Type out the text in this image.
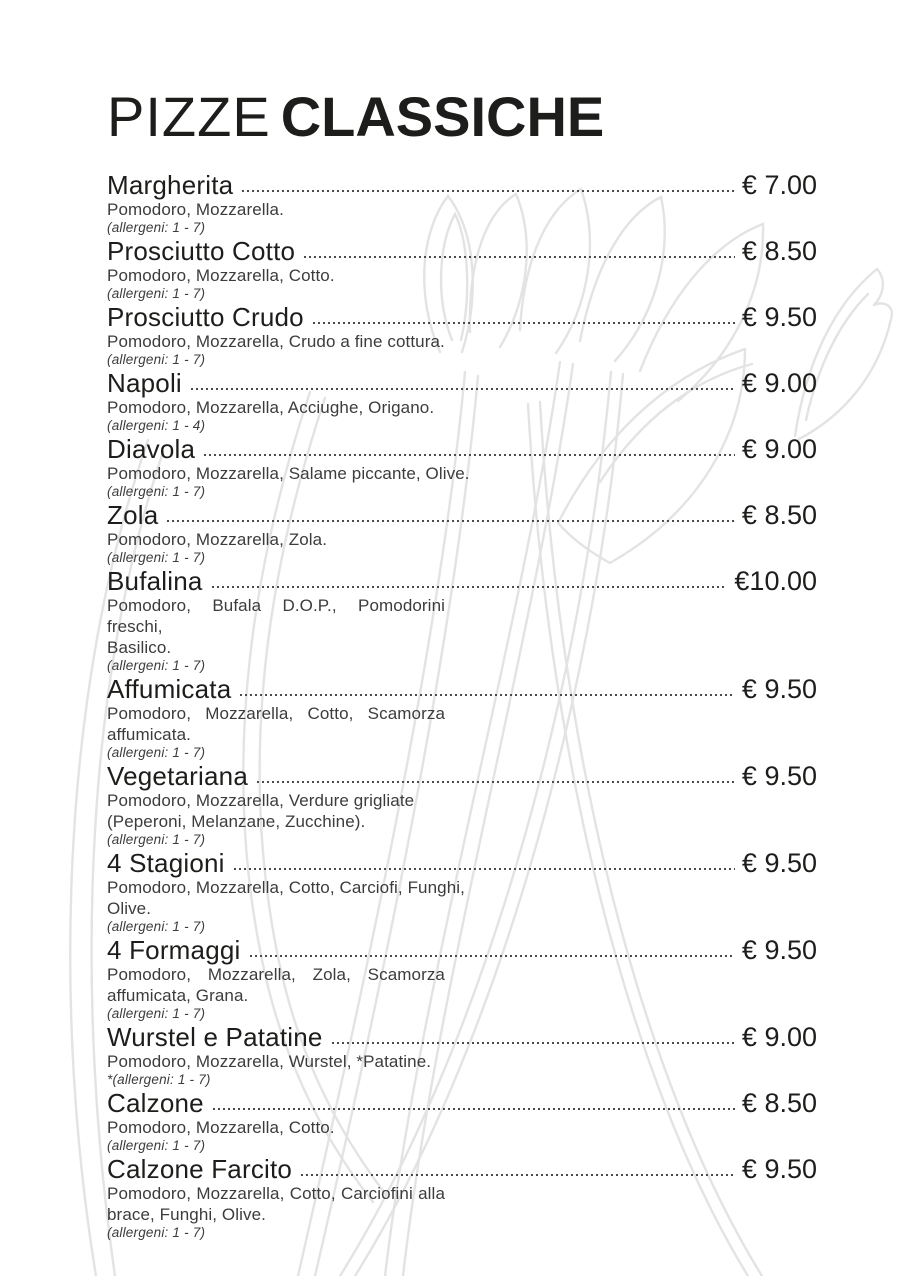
PIZZE CLASSICHE
Margherita	€ 7.00
Pomodoro, Mozzarella.
(allergeni: 1 - 7)
Prosciutto Cotto	€ 8.50
Pomodoro, Mozzarella, Cotto.
(allergeni: 1 - 7)
Prosciutto Crudo	€ 9.50
Pomodoro, Mozzarella, Crudo a fine cottura.
(allergeni: 1 - 7)
Napoli	€ 9.00
Pomodoro, Mozzarella, Acciughe, Origano.
(allergeni: 1 - 4)
Diavola	€ 9.00
Pomodoro, Mozzarella, Salame piccante, Olive.
(allergeni: 1 - 7)
Zola	€ 8.50
Pomodoro, Mozzarella, Zola.
(allergeni: 1 - 7)
Bufalina	€10.00
Pomodoro, Bufala D.O.P., Pomodorini freschi,
Basilico.
(allergeni: 1 - 7)
Affumicata	€ 9.50
Pomodoro, Mozzarella, Cotto, Scamorza
affumicata.
(allergeni: 1 - 7)
Vegetariana	€ 9.50
Pomodoro, Mozzarella, Verdure grigliate
(Peperoni, Melanzane, Zucchine).
(allergeni: 1 - 7)
4 Stagioni	€ 9.50
Pomodoro, Mozzarella, Cotto, Carciofi, Funghi,
Olive.
(allergeni: 1 - 7)
4 Formaggi	€ 9.50
Pomodoro, Mozzarella, Zola, Scamorza
affumicata, Grana.
(allergeni: 1 - 7)
Wurstel e Patatine	€ 9.00
Pomodoro, Mozzarella, Wurstel, *Patatine.
*(allergeni: 1 - 7)
Calzone	€ 8.50
Pomodoro, Mozzarella, Cotto.
(allergeni: 1 - 7)
Calzone Farcito	€ 9.50
Pomodoro, Mozzarella, Cotto, Carciofini alla
brace, Funghi, Olive.
(allergeni: 1 - 7)
